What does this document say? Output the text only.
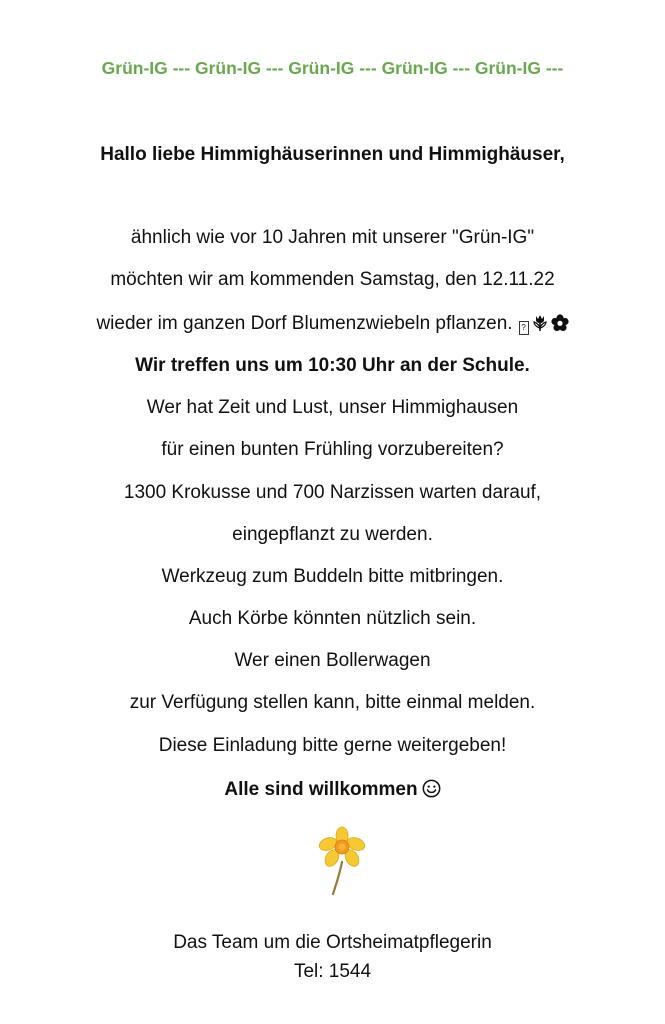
Grün-IG --- Grün-IG --- Grün-IG --- Grün-IG --- Grün-IG ---
Hallo liebe Himmighäuserinnen und Himmighäuser,
ähnlich wie vor 10 Jahren mit unserer "Grün-IG"
möchten wir am kommenden Samstag, den 12.11.22
wieder im ganzen Dorf Blumenzwiebeln pflanzen. ?
Wir treffen uns um 10:30 Uhr an der Schule.
Wer hat Zeit und Lust, unser Himmighausen
für einen bunten Frühling vorzubereiten?
1300 Krokusse und 700 Narzissen warten darauf,
eingepflanzt zu werden.
Werkzeug zum Buddeln bitte mitbringen.
Auch Körbe könnten nützlich sein.
Wer einen Bollerwagen
zur Verfügung stellen kann, bitte einmal melden.
Diese Einladung bitte gerne weitergeben!
Alle sind willkommen
Das Team um die Ortsheimatpflegerin
Tel: 1544
